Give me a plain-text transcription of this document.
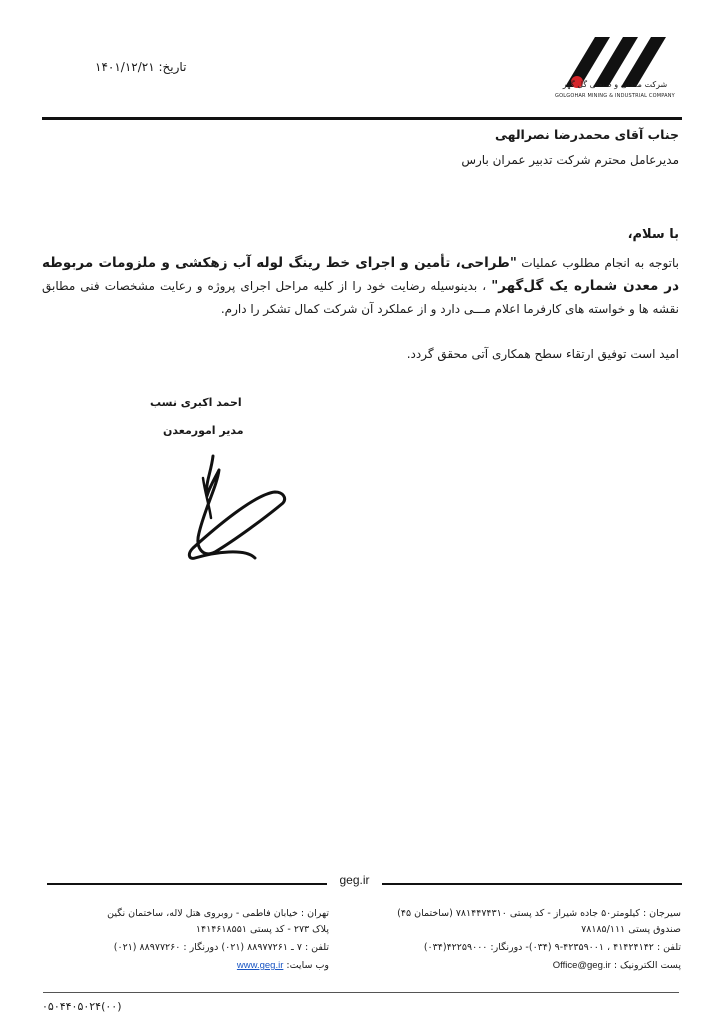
تاریخ: ۱۴۰۱/۱۲/۲۱
شرکت معدنی و صنعتی گل گهر
GOLGOHAR MINING & INDUSTRIAL COMPANY
جناب آقای محمدرضا نصرالهی
مدیرعامل محترم شرکت تدبیر عمران بارس
با سلام،
باتوجه به انجام مطلوب عملیات "طراحی، تأمین و اجرای خط رینگ لوله آب زهکشی و ملزومات مربوطه در معدن شماره یک گل‌گهر" ، بدینوسیله رضایت خود را از کلیه مراحل اجرای پروژه و رعایت مشخصات فنی مطابق نقشه ها و خواسته های کارفرما اعلام مـــی دارد و از عملکرد آن شرکت کمال تشکر را دارم.
امید است توفیق ارتقاء سطح همکاری آتی محقق گردد.
احمد اکبری نسب
مدیر امورمعدن
geg.ir
سیرجان : کیلومتر۵۰ جاده شیراز - کد پستی ۷۸۱۴۴۷۴۳۱۰ (ساختمان ۴۵)
صندوق پستی ۷۸۱۸۵/۱۱۱
تلفن : ۴۱۴۲۴۱۴۲ ، ۴۲۳۵۹۰۰۱-۹ (۰۳۴)- دورنگار: ۴۲۲۵۹۰۰۰(۰۳۴)
پست الکترونیک : Office@geg.ir
تهران : خیابان فاطمی - روبروی هتل لاله، ساختمان نگین
پلاک ۲۷۳ - کد پستی ۱۴۱۴۶۱۸۵۵۱
تلفن : ۷ ـ ۸۸۹۷۷۲۶۱ (۰۲۱) دورنگار : ۸۸۹۷۷۲۶۰ (۰۲۱)
وب سایت: www.geg.ir
۰۵۰۴۴۰۵۰۲۴(۰۰)
